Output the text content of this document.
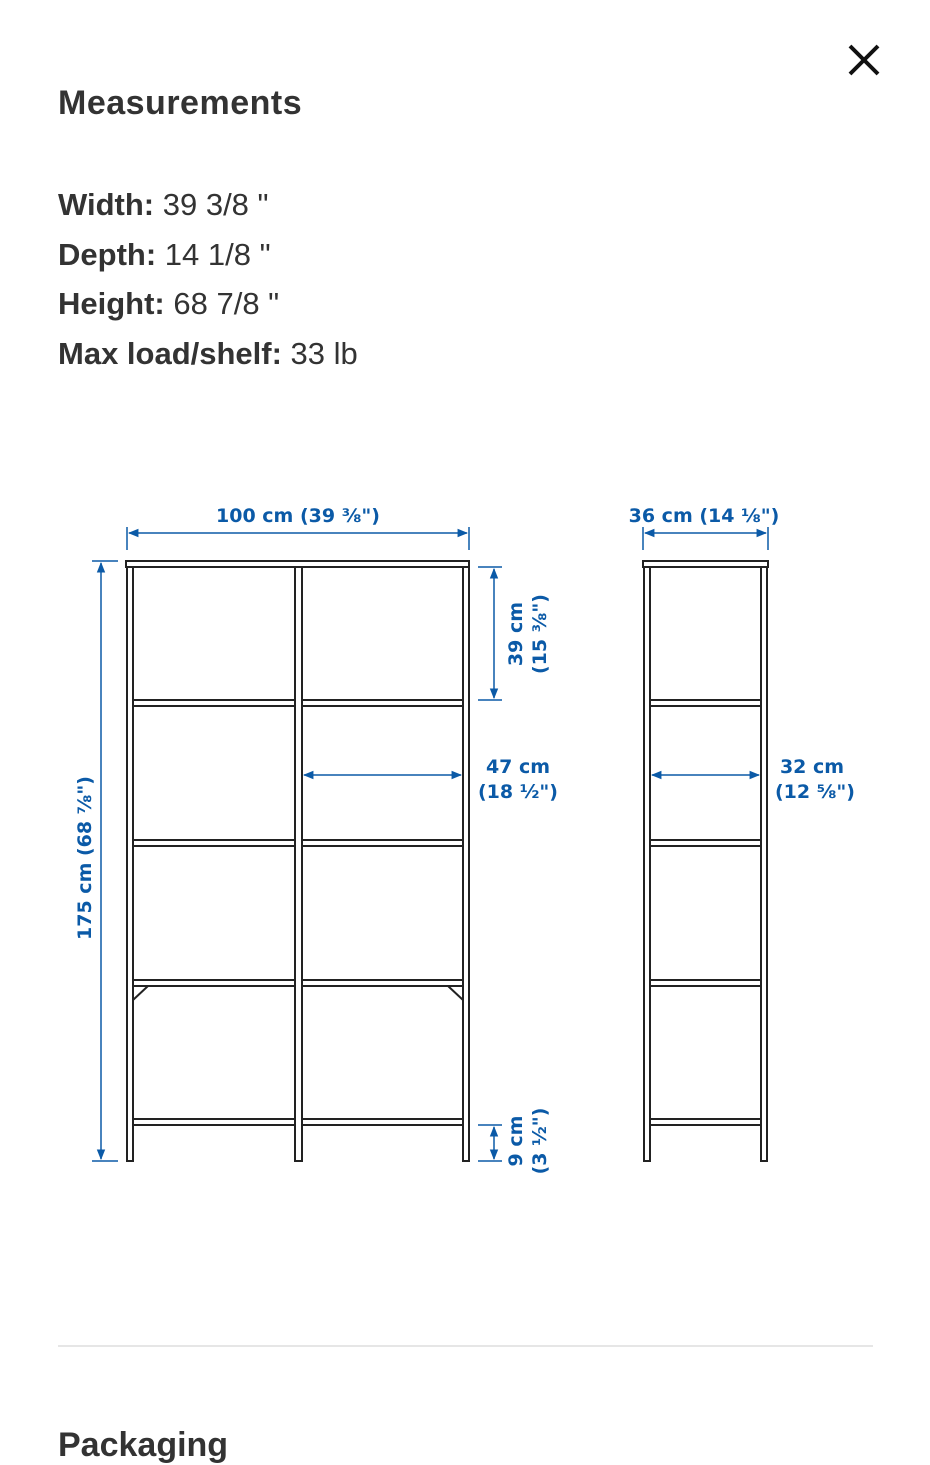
Measurements
Width: 39 3/8 "
Depth: 14 1/8 "
Height: 68 7/8 "
Max load/shelf: 33 lb
100 cm (39 ⅜")	36 cm (14 ⅛")
175 cm (68 ⅞")
39 cm (15 ⅜")
9 cm (3 ½")
47 cm
(18 ½")
32 cm
(12 ⅝")
Packaging
